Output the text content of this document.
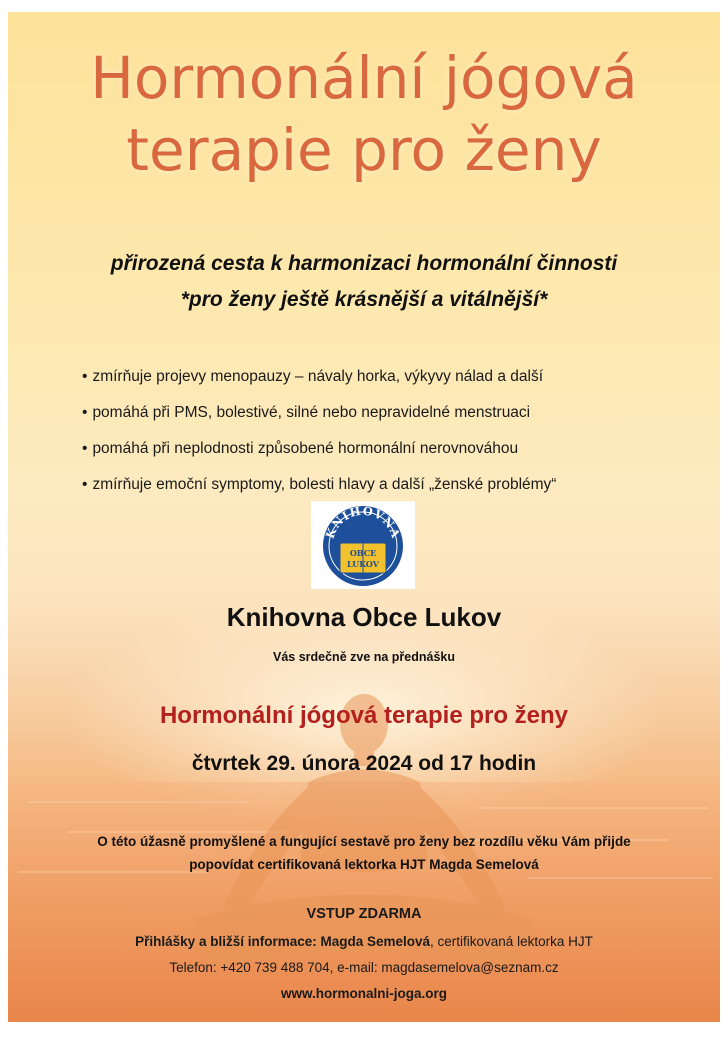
Hormonální jógová
terapie pro ženy
přirozená cesta k harmonizaci hormonální činnosti
*pro ženy ještě krásnější a vitálnější*
• zmírňuje projevy menopauzy – návaly horka, výkyvy nálad a další
• pomáhá při PMS, bolestivé, silné nebo nepravidelné menstruaci
• pomáhá při neplodnosti způsobené hormonální nerovnováhou
• zmírňuje emoční symptomy, bolesti hlavy a další „ženské problémy“
KNIHOVNA
OBCE
LUKOV
Knihovna Obce Lukov
Vás srdečně zve na přednášku
Hormonální jógová terapie pro ženy
čtvrtek 29. února 2024 od 17 hodin
O této úžasně promyšlené a fungující sestavě pro ženy bez rozdílu věku Vám přijde
popovídat certifikovaná lektorka HJT Magda Semelová
VSTUP ZDARMA
Přihlášky a bližší informace: Magda Semelová, certifikovaná lektorka HJT
Telefon: +420 739 488 704, e-mail: magdasemelova@seznam.cz
www.hormonalni-joga.org
